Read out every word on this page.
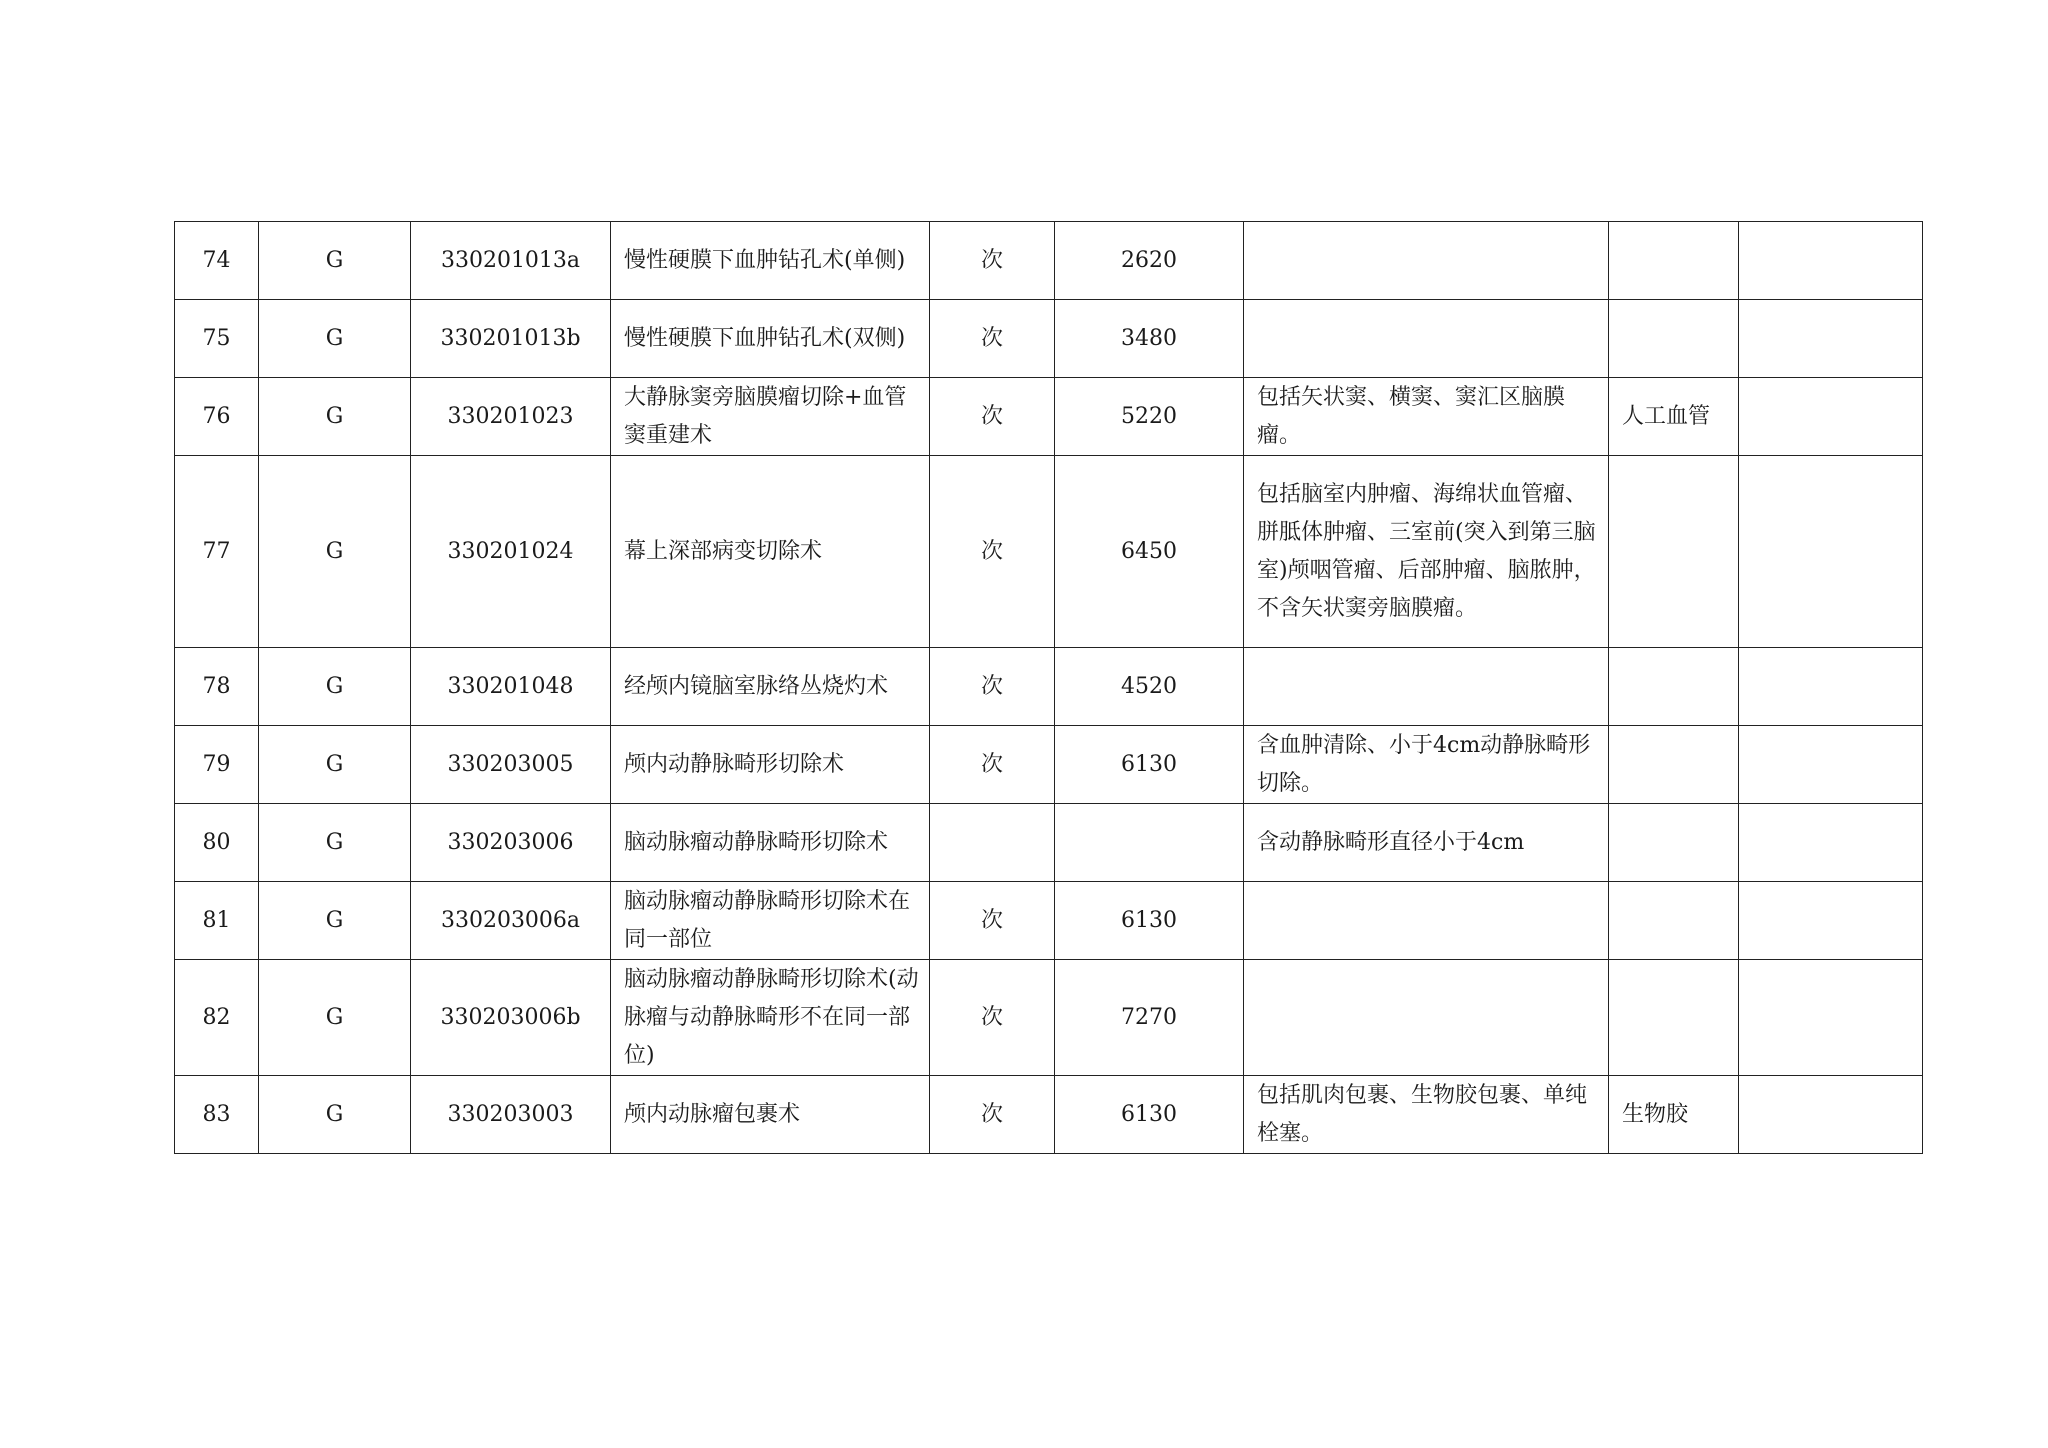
74	G	330201013a	慢性硬膜下血肿钻孔术(单侧)	次	2620			
75	G	330201013b	慢性硬膜下血肿钻孔术(双侧)	次	3480			
76	G	330201023	大静脉窦旁脑膜瘤切除+血管窦重建术	次	5220	包括矢状窦、横窦、窦汇区脑膜瘤。	人工血管	
77	G	330201024	幕上深部病变切除术	次	6450	包括脑室内肿瘤、海绵状血管瘤、胼胝体肿瘤、三室前(突入到第三脑室)颅咽管瘤、后部肿瘤、脑脓肿，不含矢状窦旁脑膜瘤。		
78	G	330201048	经颅内镜脑室脉络丛烧灼术	次	4520			
79	G	330203005	颅内动静脉畸形切除术	次	6130	含血肿清除、小于4cm动静脉畸形切除。		
80	G	330203006	脑动脉瘤动静脉畸形切除术			含动静脉畸形直径小于4cm		
81	G	330203006a	脑动脉瘤动静脉畸形切除术在同一部位	次	6130			
82	G	330203006b	脑动脉瘤动静脉畸形切除术(动脉瘤与动静脉畸形不在同一部位)	次	7270			
83	G	330203003	颅内动脉瘤包裹术	次	6130	包括肌肉包裹、生物胶包裹、单纯栓塞。	生物胶	
